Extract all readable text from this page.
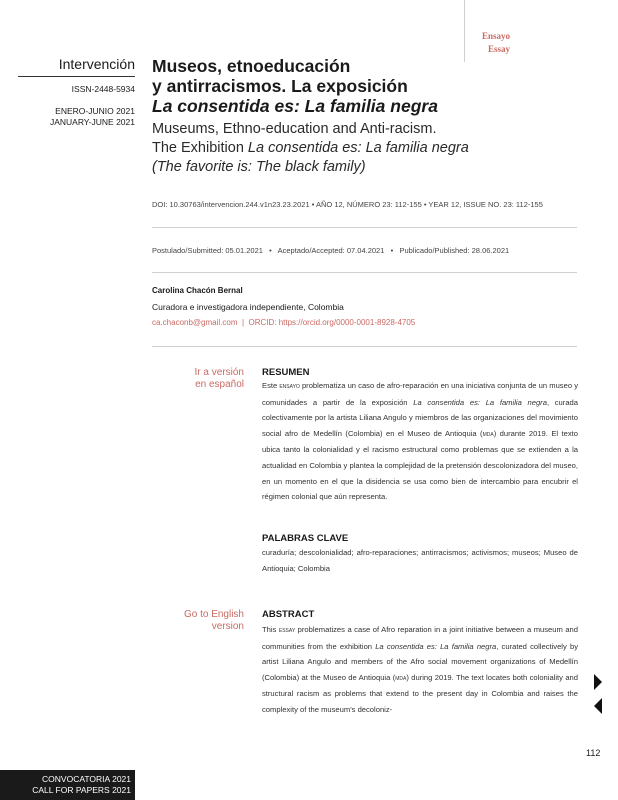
Ensayo
Essay
Intervención
ISSN-2448-5934
ENERO-JUNIO 2021
JANUARY-JUNE 2021
Museos, etnoeducación
y antirracismos. La exposición
La consentida es: La familia negra
Museums, Ethno-education and Anti-racism.
The Exhibition La consentida es: La familia negra
(The favorite is: The black family)
DOI: 10.30763/intervencion.244.v1n23.23.2021 • AÑO 12, NÚMERO 23: 112-155 • YEAR 12, ISSUE NO. 23: 112-155
Postulado/Submitted: 05.01.2021   •   Aceptado/Accepted: 07.04.2021   •   Publicado/Published: 28.06.2021
Carolina Chacón Bernal
Curadora e investigadora independiente, Colombia
ca.chaconb@gmail.com | ORCID: https://orcid.org/0000-0001-8928-4705
Ir a versión
en español
RESUMEN

Este ensayo problematiza un caso de afro-reparación en una iniciativa conjunta de un museo y comunidades a partir de la exposición La consentida es: La familia negra, curada colectivamente por la artista Liliana Angulo y miembros de las organizaciones del movimiento social afro de Medellín (Colombia) en el Museo de Antioquia (mda) durante 2019. El texto ubica tanto la colonialidad y el racismo estructural como problemas que se extienden a la actualidad en Colombia y plantea la complejidad de la pretensión descolonizadora del museo, en un momento en el que la disidencia se usa como bien de intercambio para encubrir el régimen colonial que aún representa.

PALABRAS CLAVE

curaduría; descolonialidad; afro-reparaciones; antirracismos; activismos; museos; Museo de Antioquia; Colombia

Go to English
version
ABSTRACT

This essay problematizes a case of Afro reparation in a joint initiative between a museum and communities from the exhibition La consentida es: La familia negra, curated collectively by artist Liliana Angulo and members of the Afro social movement organizations of Medellín (Colombia) at the Museo de Antioquia (mda) during 2019. The text locates both coloniality and structural racism as problems that extend to the present day in Colombia and raises the complexity of the museum's decoloniz-

112
CONVOCATORIA 2021
CALL FOR PAPERS 2021
